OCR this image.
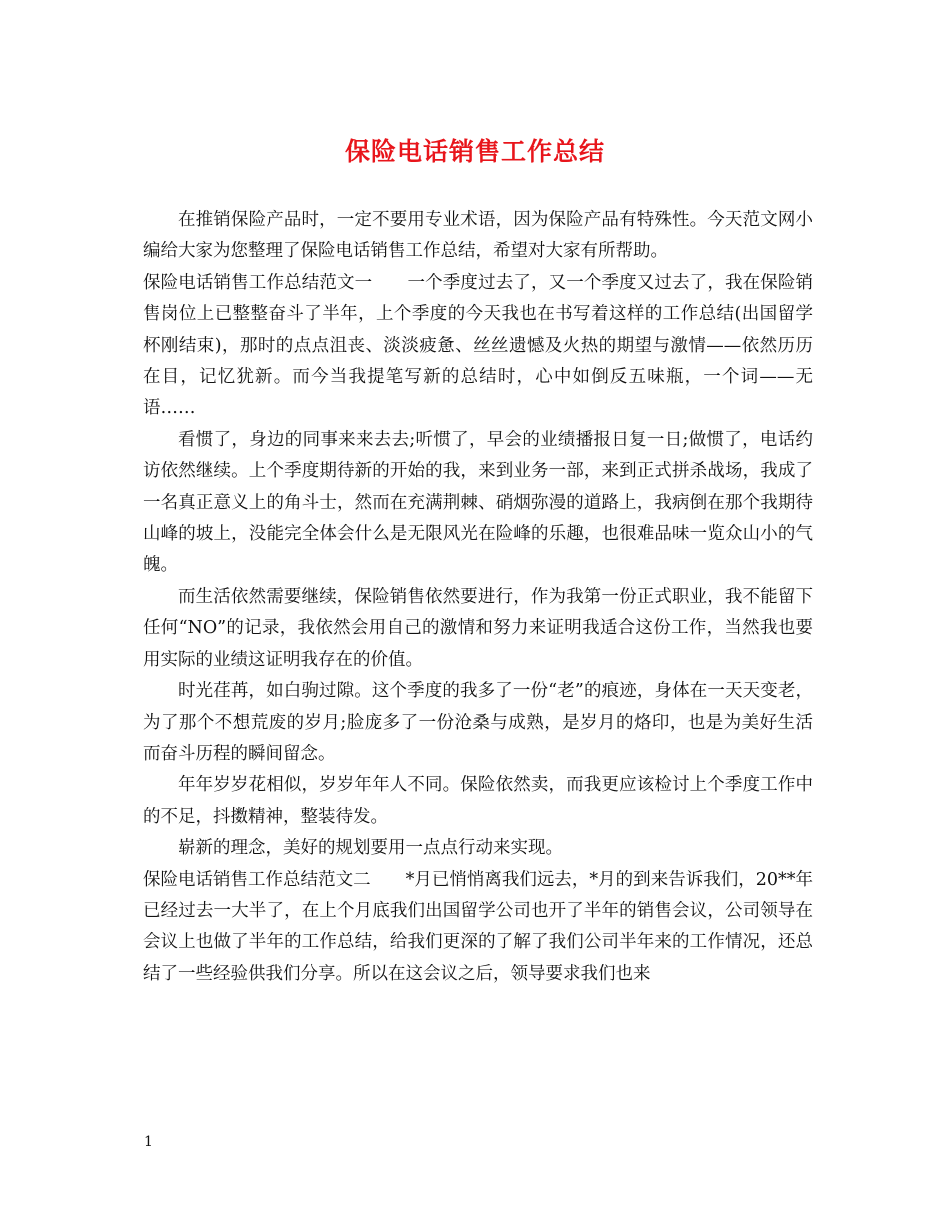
保险电话销售工作总结

在推销保险产品时，一定不要用专业术语，因为保险产品有特殊性。今天范文网小编给大家为您整理了保险电话销售工作总结，希望对大家有所帮助。

保险电话销售工作总结范文一　　一个季度过去了，又一个季度又过去了，我在保险销售岗位上已整整奋斗了半年，上个季度的今天我也在书写着这样的工作总结(出国留学杯刚结束)，那时的点点沮丧、淡淡疲惫、丝丝遗憾及火热的期望与激情——依然历历在目，记忆犹新。而今当我提笔写新的总结时，心中如倒反五味瓶，一个词——无语……

看惯了，身边的同事来来去去;听惯了，早会的业绩播报日复一日;做惯了，电话约访依然继续。上个季度期待新的开始的我，来到业务一部，来到正式拼杀战场，我成了一名真正意义上的角斗士，然而在充满荆棘、硝烟弥漫的道路上，我病倒在那个我期待山峰的坡上，没能完全体会什么是无限风光在险峰的乐趣，也很难品味一览众山小的气魄。

而生活依然需要继续，保险销售依然要进行，作为我第一份正式职业，我不能留下任何“NO”的记录，我依然会用自己的激情和努力来证明我适合这份工作，当然我也要用实际的业绩这证明我存在的价值。

时光荏苒，如白驹过隙。这个季度的我多了一份“老”的痕迹，身体在一天天变老，为了那个不想荒废的岁月;脸庞多了一份沧桑与成熟，是岁月的烙印，也是为美好生活而奋斗历程的瞬间留念。

年年岁岁花相似，岁岁年年人不同。保险依然卖，而我更应该检讨上个季度工作中的不足，抖擞精神，整装待发。

崭新的理念，美好的规划要用一点点行动来实现。

保险电话销售工作总结范文二　　*月已悄悄离我们远去，*月的到来告诉我们，20**年已经过去一大半了，在上个月底我们出国留学公司也开了半年的销售会议，公司领导在会议上也做了半年的工作总结，给我们更深的了解了我们公司半年来的工作情况，还总结了一些经验供我们分享。所以在这会议之后，领导要求我们也来

1
